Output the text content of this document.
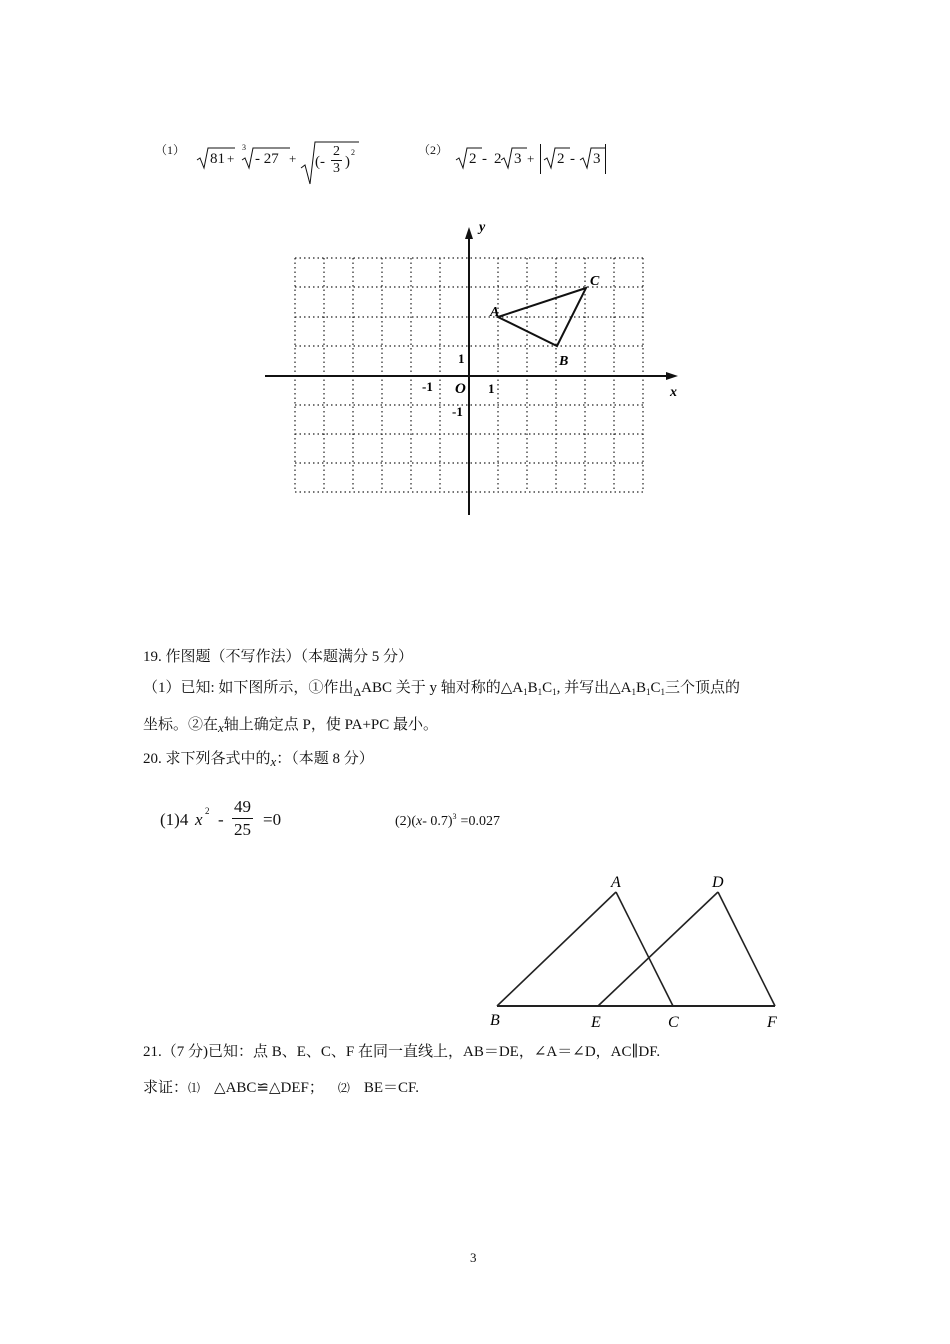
（1）
81 +
3
- 27 + (- $\frac{2}{3}$ )
2	（2）
2 - 2 3 + 2 - 3
y
x
O 1
1
-1
-1
A
B
C
19. 作图题（不写作法）（本题满分 5 分）
（1）已知: 如下图所示，①作出$_\Delta$ABC 关于 y 轴对称的$\triangle A_1B_1C_1$, 并写出$\triangle A_1B_1C_1$三个顶点的
坐标。②在x轴上确定点 P，使 PA+PC 最小。
20. 求下列各式中的x：（本题 8 分）
(1)4 x $2 - \frac{49}{25} =0$	(2)(x- 0.7)$^3$ =0.027
A
B	C
D
E	F
21.（7 分)已知：点 B、E、C、F 在同一直线上，AB＝DE，∠A＝∠D，AC∥DF.
求证：⑴ △ABC≌△DEF； ⑵ BE＝CF.
3
